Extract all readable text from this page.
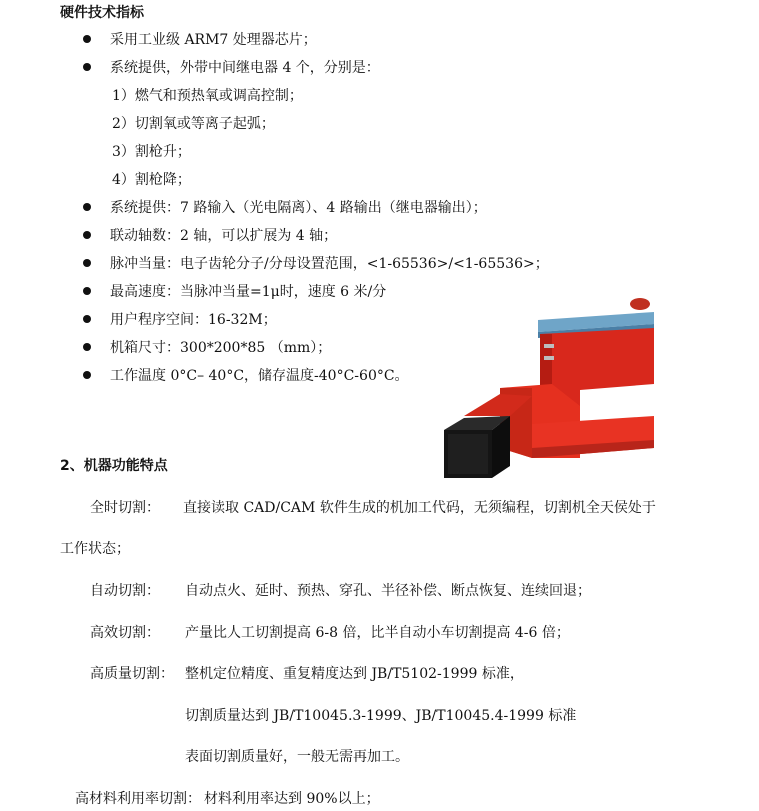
硬件技术指标
采用工业级 ARM7 处理器芯片；
系统提供，外带中间继电器 4 个，分别是：
1）燃气和预热氧或调高控制；
2）切割氧或等离子起弧；
3）割枪升；
4）割枪降；
系统提供：7 路输入（光电隔离）、4 路输出（继电器输出）；
联动轴数：2 轴，可以扩展为 4 轴；
脉冲当量：电子齿轮分子/分母设置范围，<1-65536>/<1-65536>；
最高速度：当脉冲当量=1μ时，速度 6 米/分
用户程序空间：16-32M；
机箱尺寸：300*200*85 （mm）；
工作温度 0°C– 40°C，储存温度-40°C-60°C。
2、机器功能特点
全时切割： 直接读取 CAD/CAM 软件生成的机加工代码，无须编程，切割机全天侯处于
工作状态；
自动切割： 自动点火、延时、预热、穿孔、半径补偿、断点恢复、连续回退；
高效切割： 产量比人工切割提高 6-8 倍，比半自动小车切割提高 4-6 倍；
高质量切割： 整机定位精度、重复精度达到 JB/T5102-1999 标准，
切割质量达到 JB/T10045.3-1999、JB/T10045.4-1999 标准
表面切割质量好，一般无需再加工。
高材料利用率切割： 材料利用率达到 90%以上；
